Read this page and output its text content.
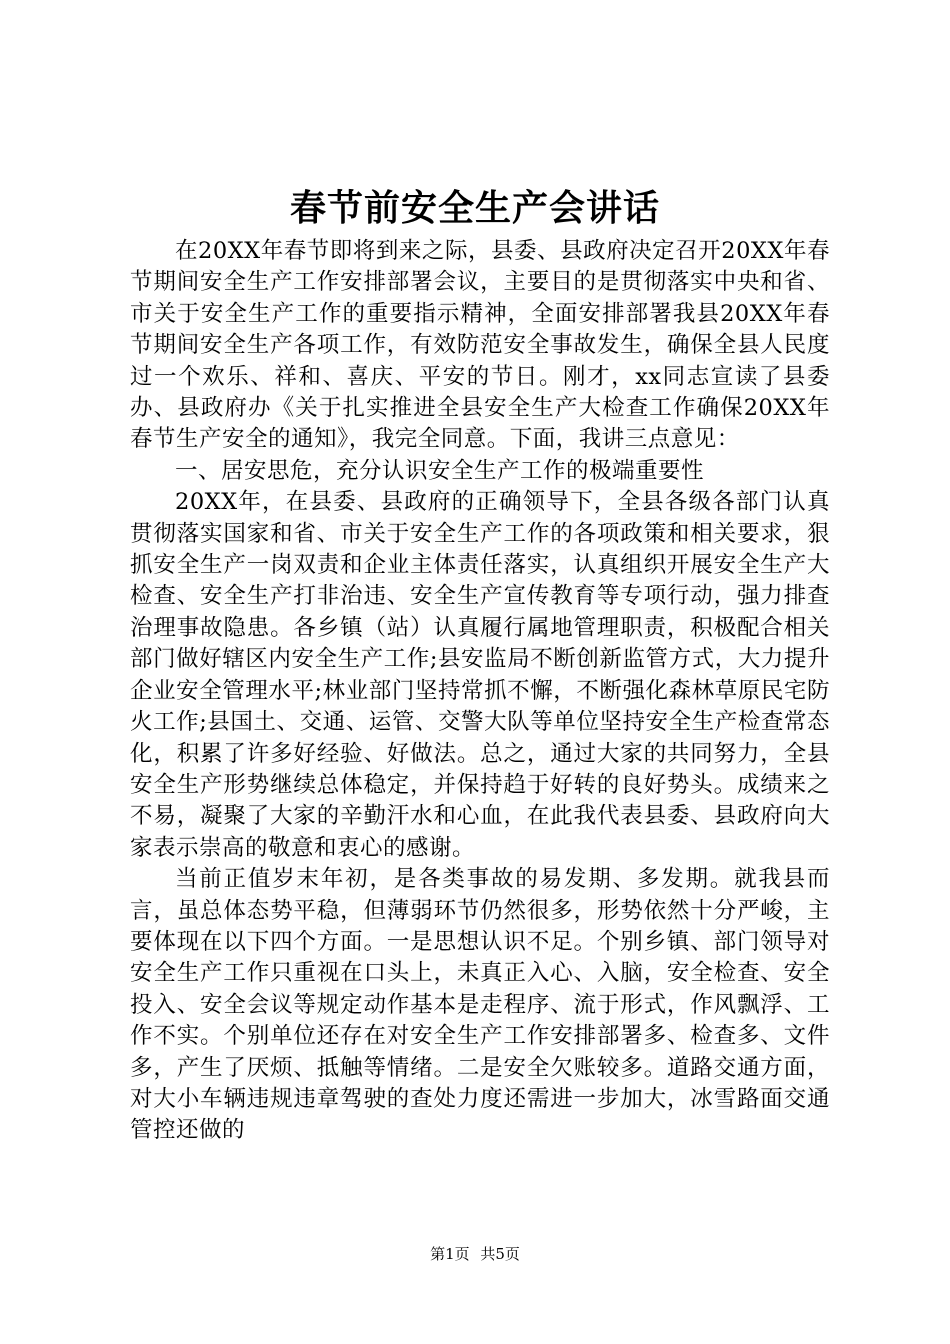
春节前安全生产会讲话

在20XX年春节即将到来之际，县委、县政府决定召开20XX年春节期间安全生产工作安排部署会议，主要目的是贯彻落实中央和省、市关于安全生产工作的重要指示精神，全面安排部署我县20XX年春节期间安全生产各项工作，有效防范安全事故发生，确保全县人民度过一个欢乐、祥和、喜庆、平安的节日。刚才，xx同志宣读了县委办、县政府办《关于扎实推进全县安全生产大检查工作确保20XX年春节生产安全的通知》，我完全同意。下面，我讲三点意见：

一、居安思危，充分认识安全生产工作的极端重要性

20XX年，在县委、县政府的正确领导下，全县各级各部门认真贯彻落实国家和省、市关于安全生产工作的各项政策和相关要求，狠抓安全生产一岗双责和企业主体责任落实，认真组织开展安全生产大检查、安全生产打非治违、安全生产宣传教育等专项行动，强力排查治理事故隐患。各乡镇（站）认真履行属地管理职责，积极配合相关部门做好辖区内安全生产工作;县安监局不断创新监管方式，大力提升企业安全管理水平;林业部门坚持常抓不懈，不断强化森林草原民宅防火工作;县国土、交通、运管、交警大队等单位坚持安全生产检查常态化，积累了许多好经验、好做法。总之，通过大家的共同努力，全县安全生产形势继续总体稳定，并保持趋于好转的良好势头。成绩来之不易，凝聚了大家的辛勤汗水和心血，在此我代表县委、县政府向大家表示崇高的敬意和衷心的感谢。

当前正值岁末年初，是各类事故的易发期、多发期。就我县而言，虽总体态势平稳，但薄弱环节仍然很多，形势依然十分严峻，主要体现在以下四个方面。一是思想认识不足。个别乡镇、部门领导对安全生产工作只重视在口头上，未真正入心、入脑，安全检查、安全投入、安全会议等规定动作基本是走程序、流于形式，作风飘浮、工作不实。个别单位还存在对安全生产工作安排部署多、检查多、文件多，产生了厌烦、抵触等情绪。二是安全欠账较多。道路交通方面，对大小车辆违规违章驾驶的查处力度还需进一步加大，冰雪路面交通管控还做的

第1页 共5页
